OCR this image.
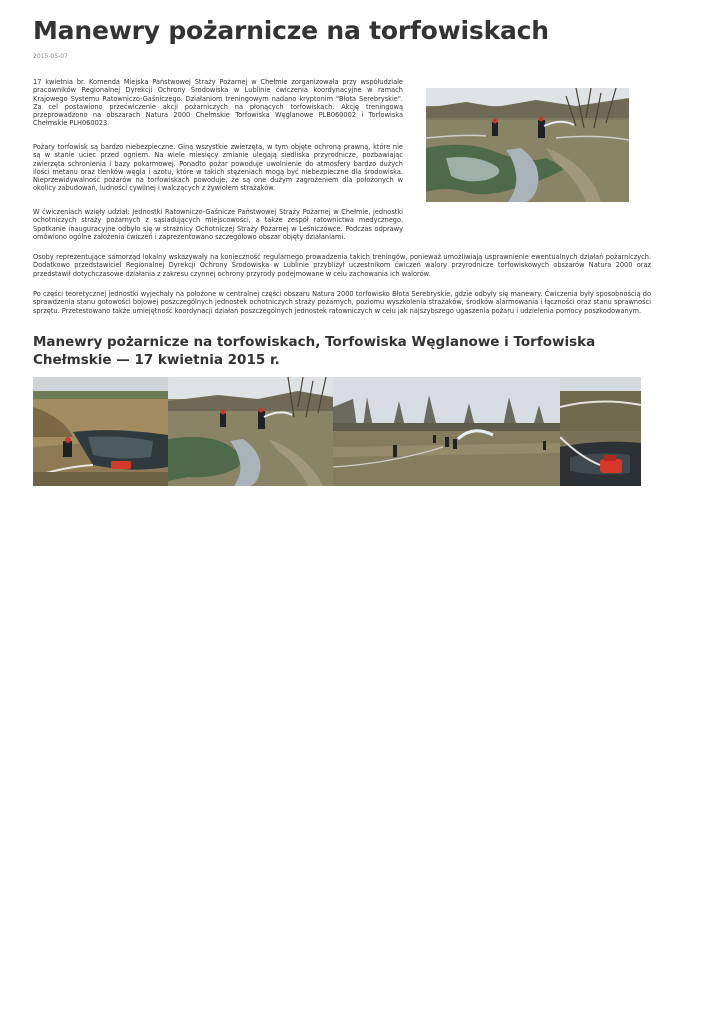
Manewry pożarnicze na torfowiskach
2015-05-07

17 kwietnia br. Komenda Miejska Państwowej Straży Pożarnej w Chełmie zorganizowała przy współudziale pracowników Regionalnej Dyrekcji Ochrony Środowiska w Lublinie ćwiczenia koordynacyjne w ramach Krajowego Systemu Ratowniczo-Gaśniczego. Działaniom treningowym nadano kryptonim "Błota Serebryskie". Za cel postawiono przećwiczenie akcji pożarniczych na płonących torfowiskach. Akcję treningową przeprowadzono na obszarach Natura 2000 Chełmskie Torfowiska Węglanowe PLB060002 i Torfowiska Chełmskie PLH060023.

Pożary torfowisk są bardzo niebezpieczne. Giną wszystkie zwierzęta, w tym objęte ochroną prawną, które nie są w stanie uciec przed ogniem. Na wiele miesięcy zmianie ulegają siedliska przyrodnicze, pozbawiając zwierzęta schronienia i bazy pokarmowej. Ponadto pożar powoduje uwolnienie do atmosfery bardzo dużych ilości metanu oraz tlenków węgla i azotu, które w takich stężeniach mogą być niebezpieczne dla środowiska. Nieprzewidywalność pożarów na torfowiskach powoduje, że są one dużym zagrożeniem dla położonych w okolicy zabudowań, ludności cywilnej i walczących z żywiołem strażaków.

W ćwiczeniach wzięły udział: Jednostki Ratowniczo-Gaśnicze Państwowej Straży Pożarnej w Chełmie, jednostki ochotniczych straży pożarnych z sąsiadujących miejscowości, a także zespół ratownictwa medycznego. Spotkanie inauguracyjne odbyło się w strażnicy Ochotniczej Straży Pożarnej w Leśniczówce. Podczas odprawy omówiono ogólne założenia ćwiczeń i zaprezentowano szczegółowo obszar objęty działaniami.

Osoby reprezentujące samorząd lokalny wskazywały na konieczność regularnego prowadzenia takich treningów, ponieważ umożliwiają usprawnienie ewentualnych działań pożarniczych. Dodatkowo przedstawiciel Regionalnej Dyrekcji Ochrony Środowiska w Lublinie przybliżył uczestnikom ćwiczeń walory przyrodnicze torfowiskowych obszarów Natura 2000 oraz przedstawił dotychczasowe działania z zakresu czynnej ochrony przyrody podejmowane w celu zachowania ich walorów.

Po części teoretycznej jednostki wyjechały na położone w centralnej części obszaru Natura 2000 torfowisko Błota Serebryskie, gdzie odbyły się manewry. Ćwiczenia były sposobnością do sprawdzenia stanu gotowości bojowej poszczególnych jednostek ochotniczych straży pożarnych, poziomu wyszkolenia strażaków, środków alarmowania i łączności oraz stanu sprawności sprzętu. Przetestowano także umiejętność koordynacji działań poszczególnych jednostek ratowniczych w celu jak najszybszego ugaszenia pożaru i udzielenia pomocy poszkodowanym.

Manewry pożarnicze na torfowiskach, Torfowiska Węglanowe i Torfowiska Chełmskie — 17 kwietnia 2015 r.
